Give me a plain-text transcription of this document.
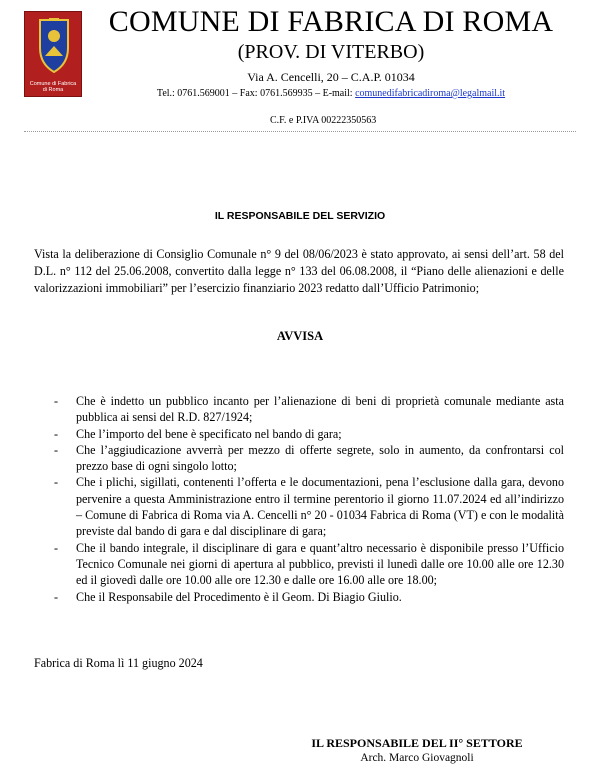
Comune di Fabrica di Roma
COMUNE DI FABRICA DI ROMA
(PROV. DI VITERBO)
Via A. Cencelli, 20 – C.A.P. 01034
Tel.: 0761.569001 – Fax: 0761.569935 – E-mail: comunedifabricadiroma@legalmail.it
C.F. e P.IVA 00222350563
IL RESPONSABILE DEL SERVIZIO
Vista la deliberazione di Consiglio Comunale n° 9 del 08/06/2023 è stato approvato, ai sensi dell’art. 58 del D.L. n° 112 del 25.06.2008, convertito dalla legge n° 133 del 06.08.2008, il “Piano delle alienazioni e delle valorizzazioni immobiliari” per l’esercizio finanziario 2023 redatto dall’Ufficio Patrimonio;
AVVISA
- Che è indetto un pubblico incanto per l’alienazione di beni di proprietà comunale mediante asta pubblica ai sensi del R.D. 827/1924;
- Che l’importo del bene è specificato nel bando di gara;
- Che l’aggiudicazione avverrà per mezzo di offerte segrete, solo in aumento, da confrontarsi col prezzo base di ogni singolo lotto;
- Che i plichi, sigillati, contenenti l’offerta e le documentazioni, pena l’esclusione dalla gara, devono pervenire a questa Amministrazione entro il termine perentorio il giorno 11.07.2024 ed all’indirizzo – Comune di Fabrica di Roma via A. Cencelli n° 20 - 01034 Fabrica di Roma (VT) e con le modalità previste dal bando di gara e dal disciplinare di gara;
- Che il bando integrale, il disciplinare di gara e quant’altro necessario è disponibile presso l’Ufficio Tecnico Comunale nei giorni di apertura al pubblico, previsti il lunedì dalle ore 10.00 alle ore 12.30 ed il giovedì dalle ore 10.00 alle ore 12.30 e dalle ore 16.00 alle ore 18.00;
- Che il Responsabile del Procedimento è il Geom. Di Biagio Giulio.
Fabrica di Roma lì 11 giugno 2024
IL RESPONSABILE DEL II° SETTORE
Arch. Marco Giovagnoli
